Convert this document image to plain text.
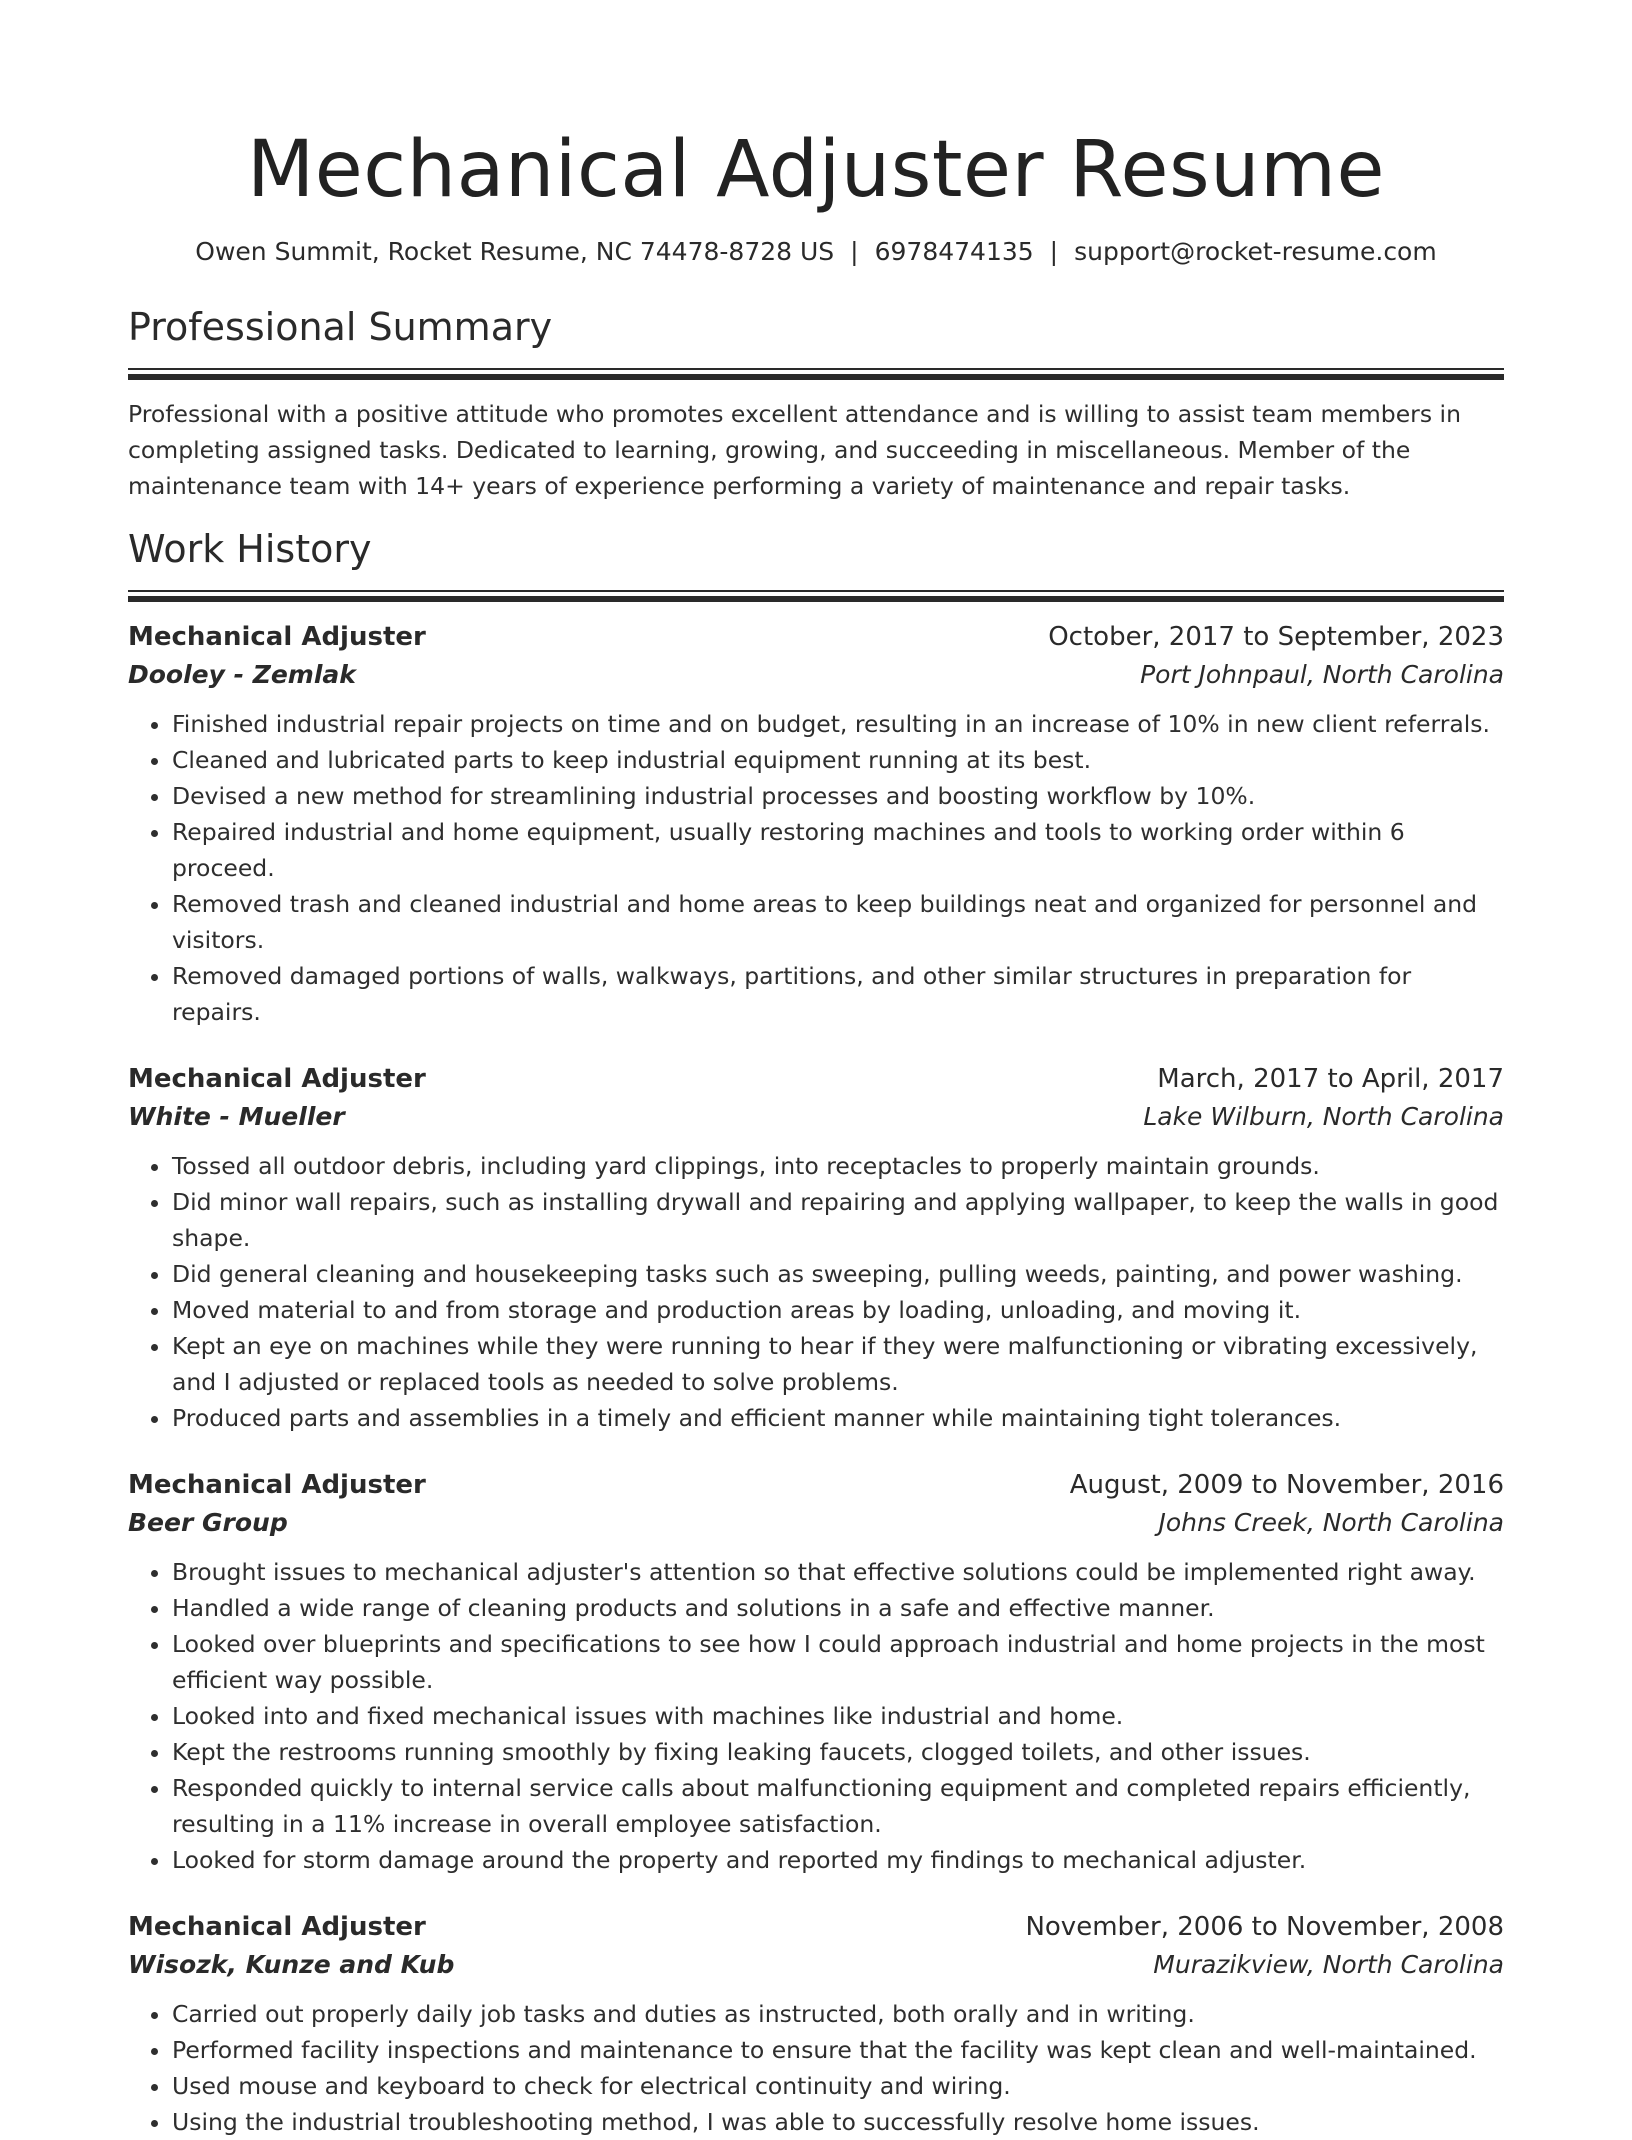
Mechanical Adjuster Resume
Owen Summit, Rocket Resume, NC 74478-8728 US | 6978474135 | support@rocket-resume.com
Professional Summary

Professional with a positive attitude who promotes excellent attendance and is willing to assist team members in completing assigned tasks. Dedicated to learning, growing, and succeeding in miscellaneous. Member of the maintenance team with 14+ years of experience performing a variety of maintenance and repair tasks.

Work History
Mechanical Adjuster	October, 2017 to September, 2023
Dooley - Zemlak	Port Johnpaul, North Carolina
• Finished industrial repair projects on time and on budget, resulting in an increase of 10% in new client referrals.
• Cleaned and lubricated parts to keep industrial equipment running at its best.
• Devised a new method for streamlining industrial processes and boosting workflow by 10%.
• Repaired industrial and home equipment, usually restoring machines and tools to working order within 6 proceed.
• Removed trash and cleaned industrial and home areas to keep buildings neat and organized for personnel and visitors.
• Removed damaged portions of walls, walkways, partitions, and other similar structures in preparation for repairs.
Mechanical Adjuster	March, 2017 to April, 2017
White - Mueller	Lake Wilburn, North Carolina
• Tossed all outdoor debris, including yard clippings, into receptacles to properly maintain grounds.
• Did minor wall repairs, such as installing drywall and repairing and applying wallpaper, to keep the walls in good shape.
• Did general cleaning and housekeeping tasks such as sweeping, pulling weeds, painting, and power washing.
• Moved material to and from storage and production areas by loading, unloading, and moving it.
• Kept an eye on machines while they were running to hear if they were malfunctioning or vibrating excessively, and I adjusted or replaced tools as needed to solve problems.
• Produced parts and assemblies in a timely and efficient manner while maintaining tight tolerances.
Mechanical Adjuster	August, 2009 to November, 2016
Beer Group	Johns Creek, North Carolina
• Brought issues to mechanical adjuster's attention so that effective solutions could be implemented right away.
• Handled a wide range of cleaning products and solutions in a safe and effective manner.
• Looked over blueprints and specifications to see how I could approach industrial and home projects in the most efficient way possible.
• Looked into and fixed mechanical issues with machines like industrial and home.
• Kept the restrooms running smoothly by fixing leaking faucets, clogged toilets, and other issues.
• Responded quickly to internal service calls about malfunctioning equipment and completed repairs efficiently, resulting in a 11% increase in overall employee satisfaction.
• Looked for storm damage around the property and reported my findings to mechanical adjuster.
Mechanical Adjuster	November, 2006 to November, 2008
Wisozk, Kunze and Kub	Murazikview, North Carolina
• Carried out properly daily job tasks and duties as instructed, both orally and in writing.
• Performed facility inspections and maintenance to ensure that the facility was kept clean and well-maintained.
• Used mouse and keyboard to check for electrical continuity and wiring.
• Using the industrial troubleshooting method, I was able to successfully resolve home issues.
